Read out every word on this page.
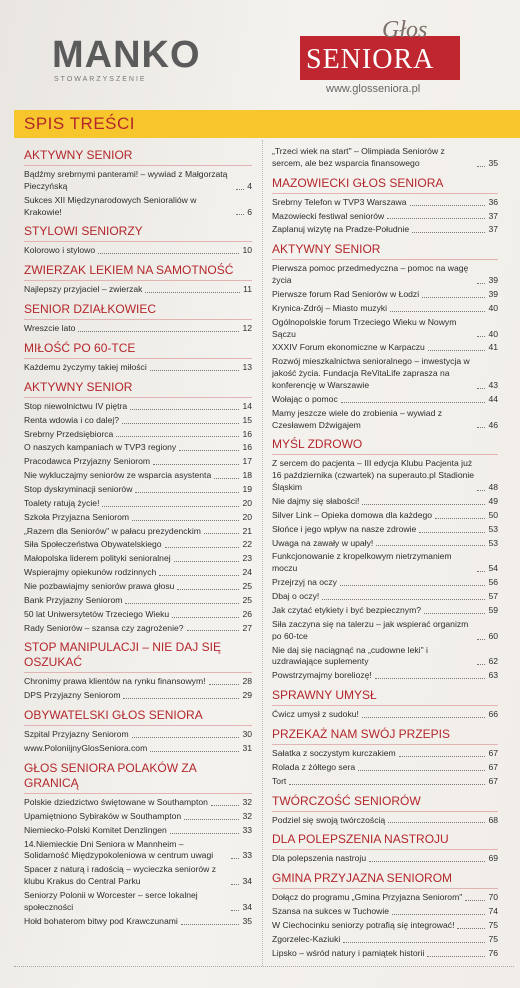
MANKO
STOWARZYSZENIE
SENIORA
Głos
www.glosseniora.pl
SPIS TREŚCI
AKTYWNY SENIOR
Bądźmy srebrnymi panterami! – wywiad z Małgorzatą Pieczyńską	4
Sukces XII Międzynarodowych Senioraliów w Krakowie!	6
STYLOWI SENIORZY
Kolorowo i stylowo	10
ZWIERZAK LEKIEM NA SAMOTNOŚĆ
Najlepszy przyjaciel – zwierzak	11
SENIOR DZIAŁKOWIEC
Wreszcie lato	12
MIŁOŚĆ PO 60-TCE
Każdemu życzymy takiej miłości	13
AKTYWNY SENIOR
Stop niewolnictwu IV piętra	14
Renta wdowia i co dalej?	15
Srebrny Przedsiębiorca	16
O naszych kampaniach w TVP3 regiony	16
Pracodawca Przyjazny Seniorom	17
Nie wykluczajmy seniorów ze wsparcia asystenta	18
Stop dyskryminacji seniorów	19
Toalety ratują życie!	20
Szkoła Przyjazna Seniorom	20
„Razem dla Seniorów" w pałacu prezydenckim	21
Siła Społeczeństwa Obywatelskiego	22
Małopolska liderem polityki senioralnej	23
Wspierajmy opiekunów rodzinnych	24
Nie pozbawiajmy seniorów prawa głosu	25
Bank Przyjazny Seniorom	25
50 lat Uniwersytetów Trzeciego Wieku	26
Rady Seniorów – szansa czy zagrożenie?	27
STOP MANIPULACJI – NIE DAJ SIĘ OSZUKAĆ
Chronimy prawa klientów na rynku finansowym!	28
DPS Przyjazny Seniorom	29
OBYWATELSKI GŁOS SENIORA
Szpital Przyjazny Seniorom	30
www.PoloniijnyGlosSeniora.com	31
GŁOS SENIORA POLAKÓW ZA GRANICĄ
Polskie dziedzictwo świętowane w Southampton	32
Upamiętniono Sybiraków w Southampton	32
Niemiecko-Polski Komitet Denzlingen	33
14.Niemieckie Dni Seniora w Mannheim – Solidarność Międzypokoleniowa w centrum uwagi	33
Spacer z naturą i radością – wycieczka seniorów z klubu Krakus do Central Parku	34
Seniorzy Polonii w Worcester – serce lokalnej społeczności	34
Hołd bohaterom bitwy pod Krawczunami	35
„Trzeci wiek na start" – Olimpiada Seniorów z sercem, ale bez wsparcia finansowego	35
MAZOWIECKI GŁOS SENIORA
Srebrny Telefon w TVP3 Warszawa	36
Mazowiecki festiwal seniorów	37
Zaplanuj wizytę na Pradze-Południe	37
AKTYWNY SENIOR
Pierwsza pomoc przedmedyczna – pomoc na wagę życia	39
Pierwsze forum Rad Seniorów w Łodzi	39
Krynica-Zdrój – Miasto muzyki	40
Ogólnopolskie forum Trzeciego Wieku w Nowym Sączu	40
XXXIV Forum ekonomiczne w Karpaczu	41
Rozwój mieszkalnictwa senioralnego – inwestycja w jakość życia. Fundacja ReVitaLife zaprasza na konferencję w Warszawie	43
Wołając o pomoc	44
Mamy jeszcze wiele do zrobienia – wywiad z Czesławem Dźwigajem	46
MYŚL ZDROWO
Z sercem do pacjenta – III edycja Klubu Pacjenta już 16 października (czwartek) na superauto.pl Stadionie Śląskim	48
Nie dajmy się słabości!	49
Silver Link – Opieka domowa dla każdego	50
Słońce i jego wpływ na nasze zdrowie	53
Uwaga na zawały w upały!	53
Funkcjonowanie z kropelkowym nietrzymaniem moczu	54
Przejrzyj na oczy	56
Dbaj o oczy!	57
Jak czytać etykiety i być bezpiecznym?	59
Siła zaczyna się na talerzu – jak wspierać organizm po 60-tce	60
Nie daj się naciągnąć na „cudowne leki" i uzdrawiające suplementy	62
Powstrzymajmy boreliozę!	63
SPRAWNY UMYSŁ
Ćwicz umysł z sudoku!	66
PRZEKAŻ NAM SWÓJ PRZEPIS
Sałatka z soczystym kurczakiem	67
Rolada z żółtego sera	67
Tort	67
TWÓRCZOŚĆ SENIORÓW
Podziel się swoją twórczością	68
DLA POLEPSZENIA NASTROJU
Dla polepszenia nastroju	69
GMINA PRZYJAZNA SENIOROM
Dołącz do programu „Gmina Przyjazna Seniorom"	70
Szansa na sukces w Tuchowie	74
W Ciechocinku seniorzy potrafią się integrować!	75
Zgorzelec-Kaziuki	75
Lipsko – wśród natury i pamiątek historii	76
